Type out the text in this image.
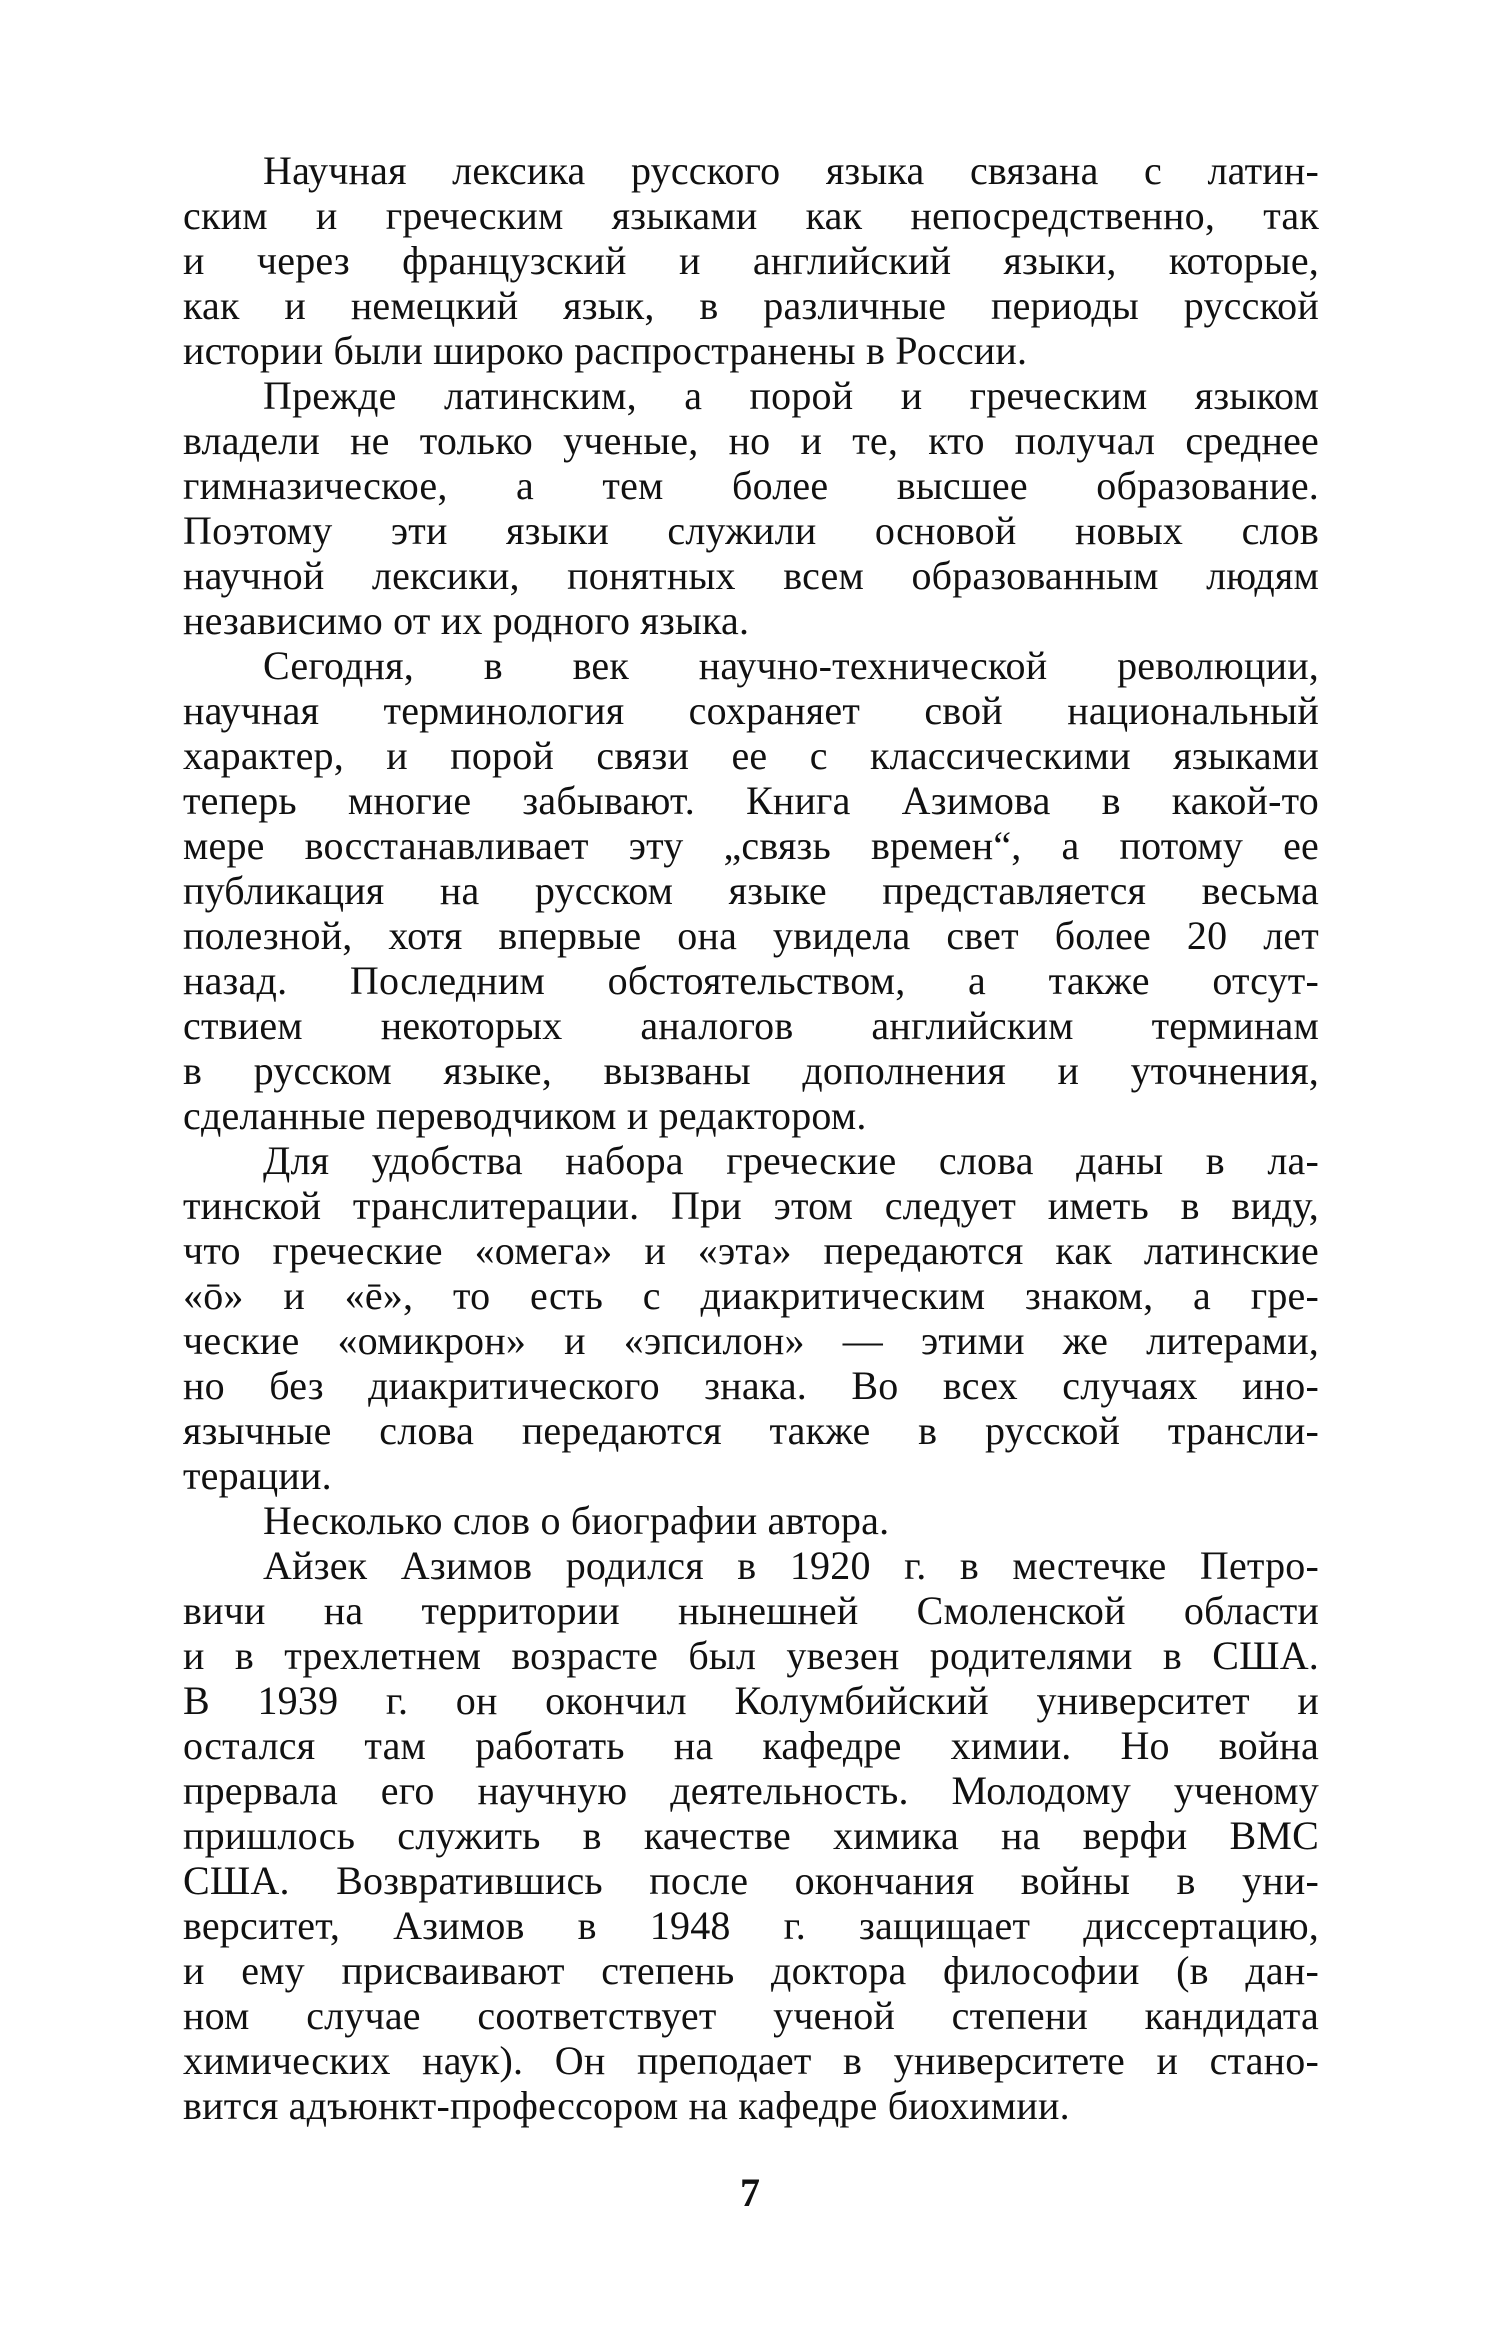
Научная лексика русского языка связана с латин-
ским и греческим языками как непосредственно, так
и через французский и английский языки, которые,
как и немецкий язык, в различные периоды русской
истории были широко распространены в России.
Прежде латинским, а порой и греческим языком
владели не только ученые, но и те, кто получал среднее
гимназическое, а тем более высшее образование.
Поэтому эти языки служили основой новых слов
научной лексики, понятных всем образованным людям
независимо от их родного языка.
Сегодня, в век научно-технической революции,
научная терминология сохраняет свой национальный
характер, и порой связи ее с классическими языками
теперь многие забывают. Книга Азимова в какой-то
мере восстанавливает эту „связь времен“, а потому ее
публикация на русском языке представляется весьма
полезной, хотя впервые она увидела свет более 20 лет
назад. Последним обстоятельством, а также отсут-
ствием некоторых аналогов английским терминам
в русском языке, вызваны дополнения и уточнения,
сделанные переводчиком и редактором.
Для удобства набора греческие слова даны в ла-
тинской транслитерации. При этом следует иметь в виду,
что греческие «омега» и «эта» передаются как латинские
«ō» и «ē», то есть с диакритическим знаком, а гре-
ческие «омикрон» и «эпсилон» — этими же литерами,
но без диакритического знака. Во всех случаях ино-
язычные слова передаются также в русской трансли-
терации.
Несколько слов о биографии автора.
Айзек Азимов родился в 1920 г. в местечке Петро-
вичи на территории нынешней Смоленской области
и в трехлетнем возрасте был увезен родителями в США.
В 1939 г. он окончил Колумбийский университет и
остался там работать на кафедре химии. Но война
прервала его научную деятельность. Молодому ученому
пришлось служить в качестве химика на верфи ВМС
США. Возвратившись после окончания войны в уни-
верситет, Азимов в 1948 г. защищает диссертацию,
и ему присваивают степень доктора философии (в дан-
ном случае соответствует ученой степени кандидата
химических наук). Он преподает в университете и стано-
вится адъюнкт-профессором на кафедре биохимии.
7
